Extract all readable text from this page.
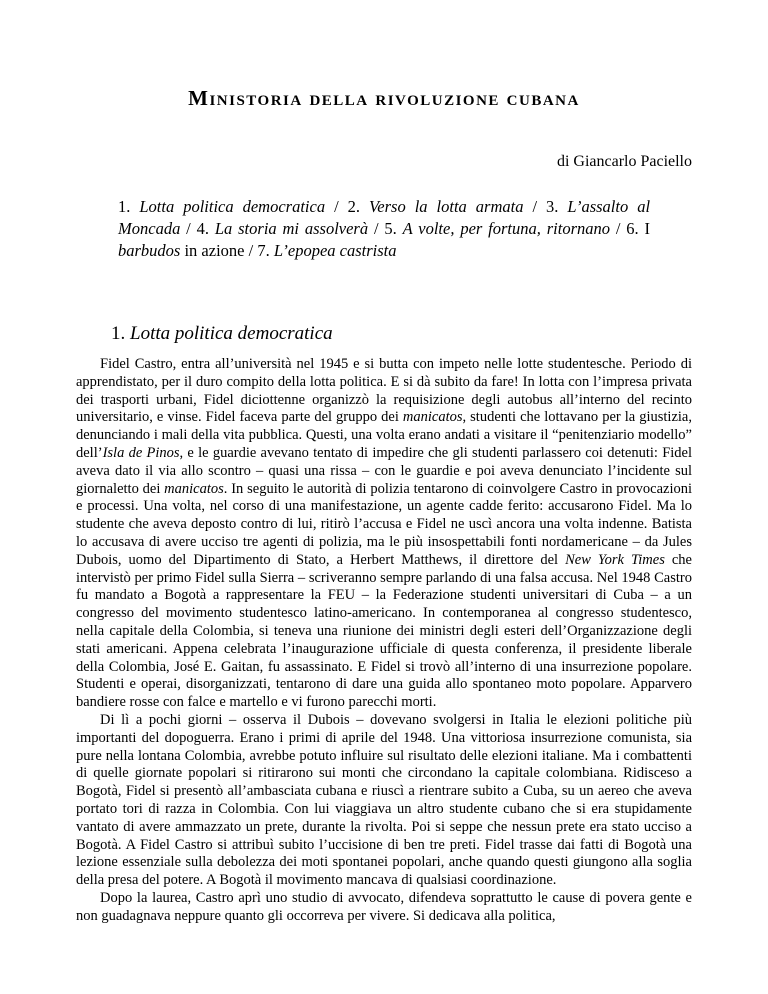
Ministoria della rivoluzione cubana
di Giancarlo Paciello
1. Lotta politica democratica / 2. Verso la lotta armata / 3. L’assalto al Moncada / 4. La storia mi assolverà / 5. A volte, per fortuna, ritornano / 6. I barbudos in azione / 7. L’epopea castrista
1. Lotta politica democratica

Fidel Castro, entra all’università nel 1945 e si butta con impeto nelle lotte studentesche. Periodo di apprendistato, per il duro compito della lotta politica. E si dà subito da fare! In lotta con l’impresa privata dei trasporti urbani, Fidel diciottenne organizzò la requisizione degli autobus all’interno del recinto universitario, e vinse. Fidel faceva parte del gruppo dei manicatos, studenti che lottavano per la giustizia, denunciando i mali della vita pubblica. Questi, una volta erano andati a visitare il “penitenziario modello” dell’Isla de Pinos, e le guardie avevano tentato di impedire che gli studenti parlassero coi detenuti: Fidel aveva dato il via allo scontro – quasi una rissa – con le guardie e poi aveva denunciato l’incidente sul giornaletto dei manicatos. In seguito le autorità di polizia tentarono di coinvolgere Castro in provocazioni e processi. Una volta, nel corso di una manifestazione, un agente cadde ferito: accusarono Fidel. Ma lo studente che aveva deposto contro di lui, ritirò l’accusa e Fidel ne uscì ancora una volta indenne. Batista lo accusava di avere ucciso tre agenti di polizia, ma le più insospettabili fonti nordamericane – da Jules Dubois, uomo del Dipartimento di Stato, a Herbert Matthews, il direttore del New York Times che intervistò per primo Fidel sulla Sierra – scriveranno sempre parlando di una falsa accusa. Nel 1948 Castro fu mandato a Bogotà a rappresentare la FEU – la Federazione studenti universitari di Cuba – a un congresso del movimento studentesco latino-americano. In contemporanea al congresso studentesco, nella capitale della Colombia, si teneva una riunione dei ministri degli esteri dell’Organizzazione degli stati americani. Appena celebrata l’inaugurazione ufficiale di questa conferenza, il presidente liberale della Colombia, José E. Gaitan, fu assassinato. E Fidel si trovò all’interno di una insurrezione popolare. Studenti e operai, disorganizzati, tentarono di dare una guida allo spontaneo moto popolare. Apparvero bandiere rosse con falce e martello e vi furono parecchi morti.

Di lì a pochi giorni – osserva il Dubois – dovevano svolgersi in Italia le elezioni politiche più importanti del dopoguerra. Erano i primi di aprile del 1948. Una vittoriosa insurrezione comunista, sia pure nella lontana Colombia, avrebbe potuto influire sul risultato delle elezioni italiane. Ma i combattenti di quelle giornate popolari si ritirarono sui monti che circondano la capitale colombiana. Ridisceso a Bogotà, Fidel si presentò all’ambasciata cubana e riuscì a rientrare subito a Cuba, su un aereo che aveva portato tori di razza in Colombia. Con lui viaggiava un altro studente cubano che si era stupidamente vantato di avere ammazzato un prete, durante la rivolta. Poi si seppe che nessun prete era stato ucciso a Bogotà. A Fidel Castro si attribuì subito l’uccisione di ben tre preti. Fidel trasse dai fatti di Bogotà una lezione essenziale sulla debolezza dei moti spontanei popolari, anche quando questi giungono alla soglia della presa del potere. A Bogotà il movimento mancava di qualsiasi coordinazione.

Dopo la laurea, Castro aprì uno studio di avvocato, difendeva soprattutto le cause di povera gente e non guadagnava neppure quanto gli occorreva per vivere. Si dedicava alla politica,
